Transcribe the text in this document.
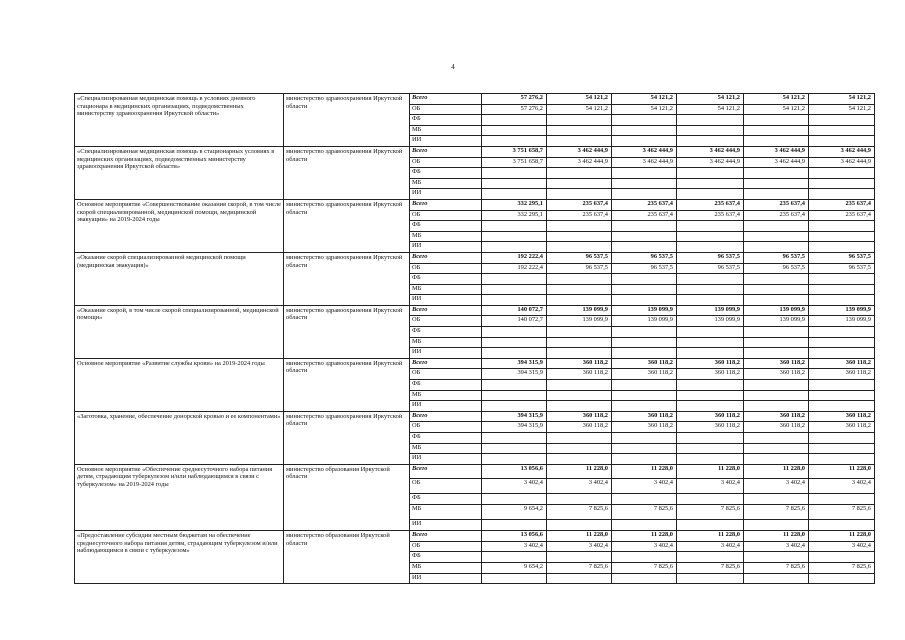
4
«Специализированная медицинская помощь в условиях дневного стационара в медицинских организациях, подведомственных министерству здравоохранения Иркутской области»	министерство здравоохранения Иркутской области	Всего	57 276,2	54 121,2	54 121,2	54 121,2	54 121,2	54 121,2
		ОБ	57 276,2	54 121,2	54 121,2	54 121,2	54 121,2	54 121,2
		ФБ						
		МБ						
		ИИ						
«Специализированная медицинская помощь в стационарных условиях в медицинских организациях, подведомственных министерству здравоохранения Иркутской области»	министерство здравоохранения Иркутской области	Всего	3 751 658,7	3 462 444,9	3 462 444,9	3 462 444,9	3 462 444,9	3 462 444,9
		ОБ	3 751 658,7	3 462 444,9	3 462 444,9	3 462 444,9	3 462 444,9	3 462 444,9
		ФБ						
		МБ						
		ИИ						
Основное мероприятие «Совершенствование оказания скорой, в том числе скорой специализированной, медицинской помощи, медицинской эвакуации» на 2019-2024 годы	министерство здравоохранения Иркутской области	Всего	332 295,1	235 637,4	235 637,4	235 637,4	235 637,4	235 637,4
		ОБ	332 295,1	235 637,4	235 637,4	235 637,4	235 637,4	235 637,4
		ФБ						
		МБ						
		ИИ						
«Оказание скорой специализированной медицинской помощи (медицинская эвакуация)»	министерство здравоохранения Иркутской области	Всего	192 222,4	96 537,5	96 537,5	96 537,5	96 537,5	96 537,5
		ОБ	192 222,4	96 537,5	96 537,5	96 537,5	96 537,5	96 537,5
		ФБ						
		МБ						
		ИИ						
«Оказание скорой, в том числе скорой специализированной, медицинской помощи»	министерство здравоохранения Иркутской области	Всего	140 072,7	139 099,9	139 099,9	139 099,9	139 099,9	139 099,9
		ОБ	140 072,7	139 099,9	139 099,9	139 099,9	139 099,9	139 099,9
		ФБ						
		МБ						
		ИИ						
Основное мероприятие «Развитие службы крови» на 2019-2024 годы	министерство здравоохранения Иркутской области	Всего	394 315,9	360 118,2	360 118,2	360 118,2	360 118,2	360 118,2
		ОБ	394 315,9	360 118,2	360 118,2	360 118,2	360 118,2	360 118,2
		ФБ						
		МБ						
		ИИ						
«Заготовка, хранение, обеспечение донорской кровью и ее компонентами»	министерство здравоохранения Иркутской области	Всего	394 315,9	360 118,2	360 118,2	360 118,2	360 118,2	360 118,2
		ОБ	394 315,9	360 118,2	360 118,2	360 118,2	360 118,2	360 118,2
		ФБ						
		МБ						
		ИИ						
Основное мероприятие «Обеспечение среднесуточного набора питания детям, страдающим туберкулезом и/или наблюдающимся в связи с туберкулезом» на 2019-2024 годы	министерство образования Иркутской области	Всего	13 056,6	11 228,0	11 228,0	11 228,0	11 228,0	11 228,0
		ОБ	3 402,4	3 402,4	3 402,4	3 402,4	3 402,4	3 402,4
		ФБ						
		МБ	9 654,2	7 825,6	7 825,6	7 825,6	7 825,6	7 825,6
		ИИ						
«Предоставление субсидии местным бюджетам на обеспечение среднесуточного набора питания детям, страдающим туберкулезом и/или наблюдающимся в связи с туберкулезом»	министерство образования Иркутской области	Всего	13 056,6	11 228,0	11 228,0	11 228,0	11 228,0	11 228,0
		ОБ	3 402,4	3 402,4	3 402,4	3 402,4	3 402,4	3 402,4
		ФБ						
		МБ	9 654,2	7 825,6	7 825,6	7 825,6	7 825,6	7 825,6
		ИИ						
